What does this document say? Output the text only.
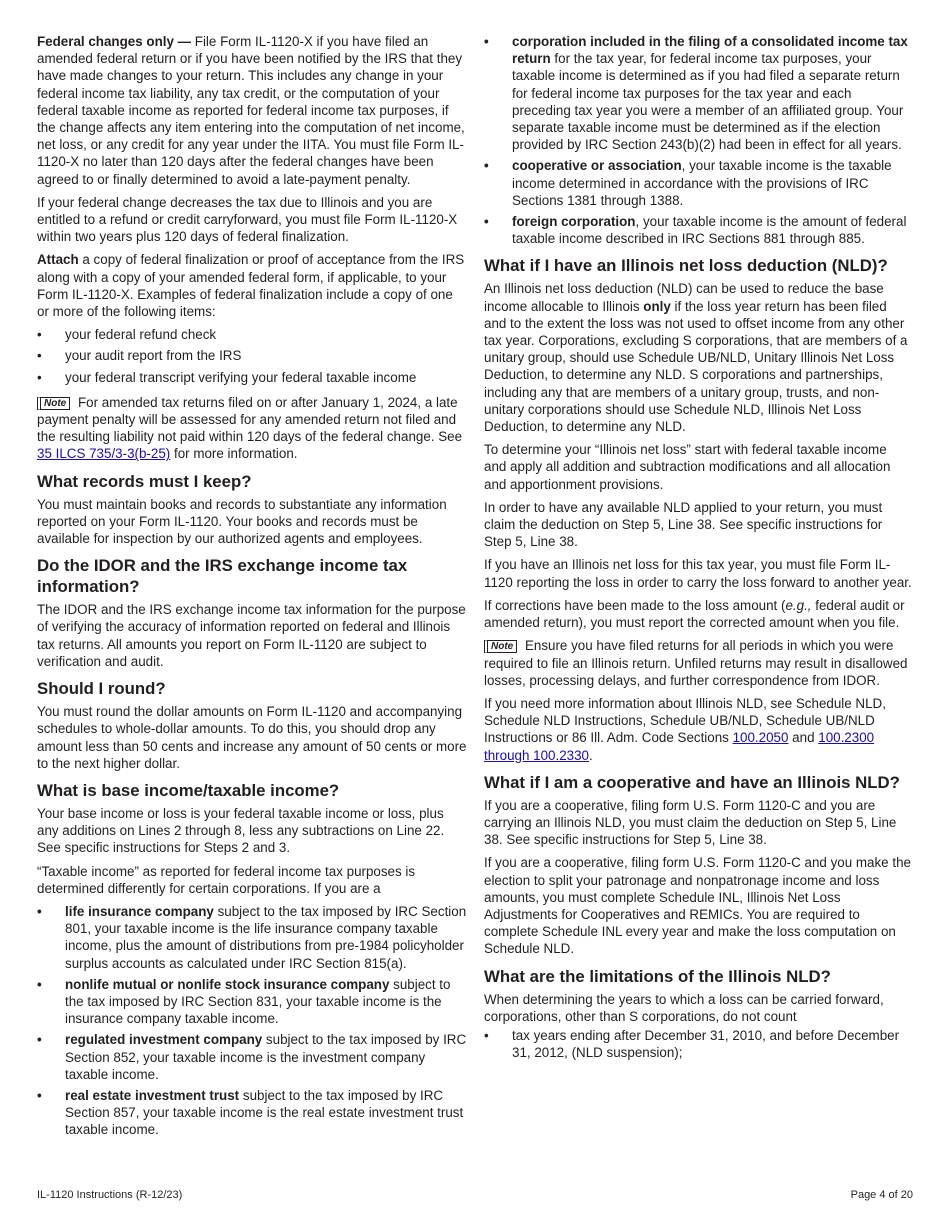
Federal changes only — File Form IL-1120-X if you have filed an amended federal return or if you have been notified by the IRS that they have made changes to your return. This includes any change in your federal income tax liability, any tax credit, or the computation of your federal taxable income as reported for federal income tax purposes, if the change affects any item entering into the computation of net income, net loss, or any credit for any year under the IITA. You must file Form IL-1120-X no later than 120 days after the federal changes have been agreed to or finally determined to avoid a late-payment penalty.

If your federal change decreases the tax due to Illinois and you are entitled to a refund or credit carryforward, you must file Form IL-1120-X within two years plus 120 days of federal finalization.

Attach a copy of federal finalization or proof of acceptance from the IRS along with a copy of your amended federal form, if applicable, to your Form IL-1120-X. Examples of federal finalization include a copy of one or more of the following items:

• your federal refund check
• your audit report from the IRS
• your federal transcript verifying your federal taxable income

Note For amended tax returns filed on or after January 1, 2024, a late payment penalty will be assessed for any amended return not filed and the resulting liability not paid within 120 days of the federal change. See 35 ILCS 735/3-3(b-25) for more information.

What records must I keep?

You must maintain books and records to substantiate any information reported on your Form IL-1120. Your books and records must be available for inspection by our authorized agents and employees.

Do the IDOR and the IRS exchange income tax information?

The IDOR and the IRS exchange income tax information for the purpose of verifying the accuracy of information reported on federal and Illinois tax returns. All amounts you report on Form IL-1120 are subject to verification and audit.

Should I round?

You must round the dollar amounts on Form IL-1120 and accompanying schedules to whole-dollar amounts. To do this, you should drop any amount less than 50 cents and increase any amount of 50 cents or more to the next higher dollar.

What is base income/taxable income?

Your base income or loss is your federal taxable income or loss, plus any additions on Lines 2 through 8, less any subtractions on Line 22. See specific instructions for Steps 2 and 3.

“Taxable income” as reported for federal income tax purposes is determined differently for certain corporations. If you are a

• life insurance company subject to the tax imposed by IRC Section 801, your taxable income is the life insurance company taxable income, plus the amount of distributions from pre-1984 policyholder surplus accounts as calculated under IRC Section 815(a).
• nonlife mutual or nonlife stock insurance company subject to the tax imposed by IRC Section 831, your taxable income is the insurance company taxable income.
• regulated investment company subject to the tax imposed by IRC Section 852, your taxable income is the investment company taxable income.
• real estate investment trust subject to the tax imposed by IRC Section 857, your taxable income is the real estate investment trust taxable income.
• corporation included in the filing of a consolidated income tax return for the tax year, for federal income tax purposes, your taxable income is determined as if you had filed a separate return for federal income tax purposes for the tax year and each preceding tax year you were a member of an affiliated group. Your separate taxable income must be determined as if the election provided by IRC Section 243(b)(2) had been in effect for all years.
• cooperative or association, your taxable income is the taxable income determined in accordance with the provisions of IRC Sections 1381 through 1388.
• foreign corporation, your taxable income is the amount of federal taxable income described in IRC Sections 881 through 885.
What if I have an Illinois net loss deduction (NLD)?

An Illinois net loss deduction (NLD) can be used to reduce the base income allocable to Illinois only if the loss year return has been filed and to the extent the loss was not used to offset income from any other tax year. Corporations, excluding S corporations, that are members of a unitary group, should use Schedule UB/NLD, Unitary Illinois Net Loss Deduction, to determine any NLD. S corporations and partnerships, including any that are members of a unitary group, trusts, and non-unitary corporations should use Schedule NLD, Illinois Net Loss Deduction, to determine any NLD.

To determine your “Illinois net loss” start with federal taxable income and apply all addition and subtraction modifications and all allocation and apportionment provisions.

In order to have any available NLD applied to your return, you must claim the deduction on Step 5, Line 38. See specific instructions for Step 5, Line 38.

If you have an Illinois net loss for this tax year, you must file Form IL-1120 reporting the loss in order to carry the loss forward to another year.

If corrections have been made to the loss amount (e.g., federal audit or amended return), you must report the corrected amount when you file.

Note Ensure you have filed returns for all periods in which you were required to file an Illinois return. Unfiled returns may result in disallowed losses, processing delays, and further correspondence from IDOR.

If you need more information about Illinois NLD, see Schedule NLD, Schedule NLD Instructions, Schedule UB/NLD, Schedule UB/NLD Instructions or 86 Ill. Adm. Code Sections 100.2050 and 100.2300 through 100.2330.

What if I am a cooperative and have an Illinois NLD?

If you are a cooperative, filing form U.S. Form 1120-C and you are carrying an Illinois NLD, you must claim the deduction on Step 5, Line 38. See specific instructions for Step 5, Line 38.

If you are a cooperative, filing form U.S. Form 1120-C and you make the election to split your patronage and nonpatronage income and loss amounts, you must complete Schedule INL, Illinois Net Loss Adjustments for Cooperatives and REMICs. You are required to complete Schedule INL every year and make the loss computation on Schedule NLD.

What are the limitations of the Illinois NLD?

When determining the years to which a loss can be carried forward, corporations, other than S corporations, do not count

• tax years ending after December 31, 2010, and before December 31, 2012, (NLD suspension);
IL-1120 Instructions (R-12/23)	Page 4 of 20
